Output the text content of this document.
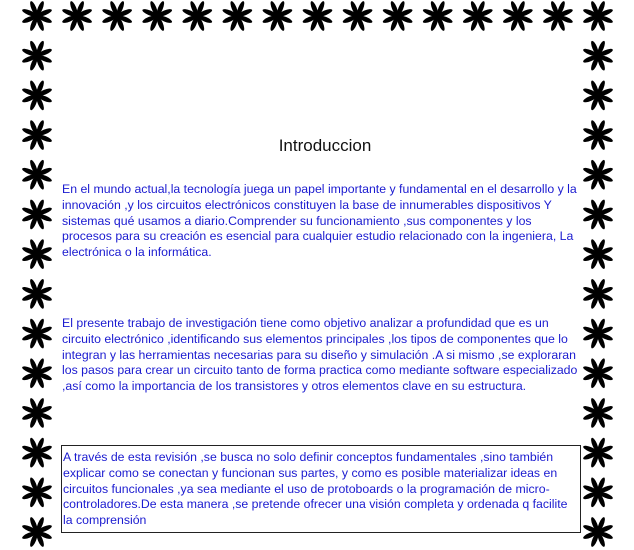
Introduccion

En el mundo actual,la tecnología juega un papel importante y fundamental en el desarrollo y la innovación ,y los circuitos electrónicos constituyen la base de innumerables dispositivos Y sistemas qué usamos a diario.Comprender su funcionamiento ,sus componentes y los procesos para su creación es esencial para cualquier estudio relacionado con la ingeniera, La electrónica o la informática.

El presente trabajo de investigación tiene como objetivo analizar a profundidad que es un circuito electrónico ,identificando sus elementos principales ,los tipos de componentes que lo integran y las herramientas necesarias para su diseño y simulación .A si mismo ,se exploraran los pasos para crear un circuito tanto de forma practica como mediante software especializado ,así como la importancia de los transistores y otros elementos clave en su estructura.

A través de esta revisión ,se busca no solo definir conceptos fundamentales ,sino también explicar como se conectan y funcionan sus partes, y como es posible materializar ideas en circuitos funcionales ,ya sea mediante el uso de protoboards o la programación de micro-controladores.De esta manera ,se pretende ofrecer una visión completa y ordenada q facilite la comprensión
